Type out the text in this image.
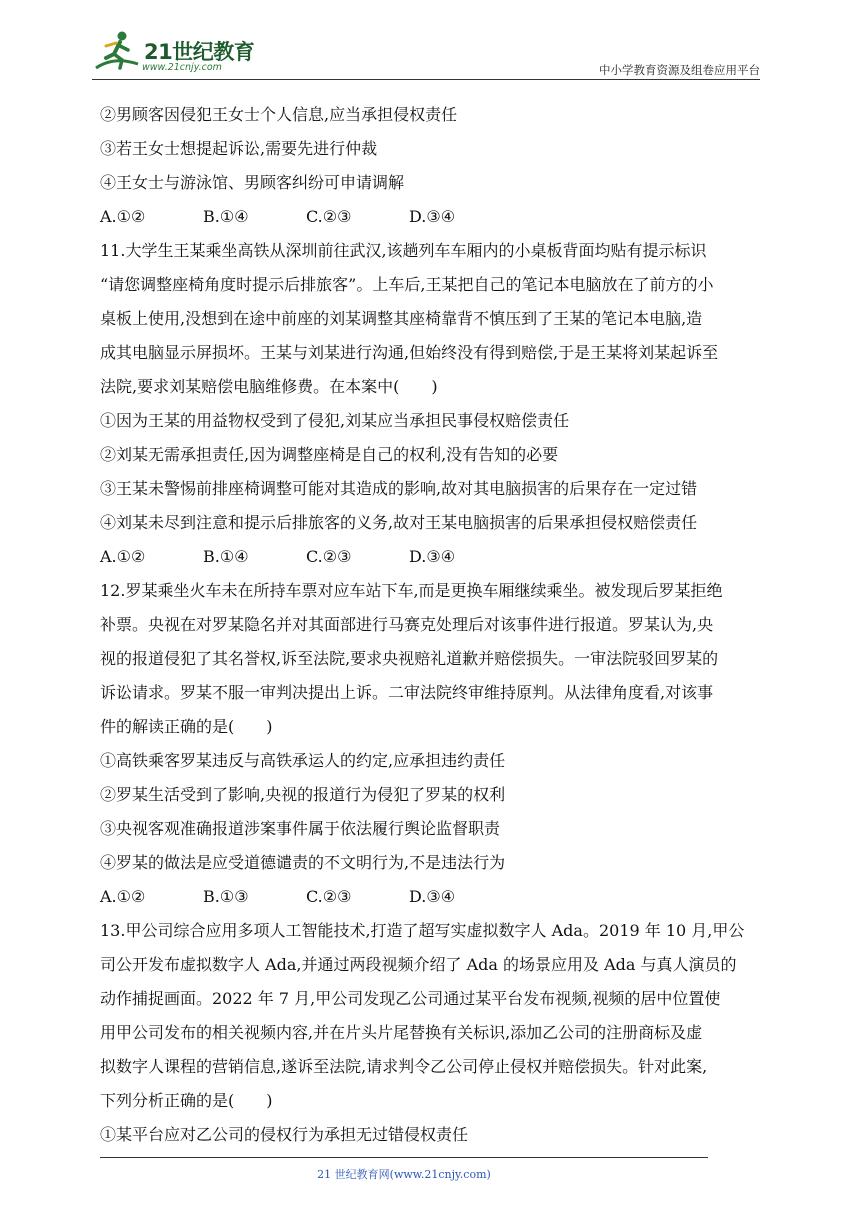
21世纪教育
www.21cnjy.com	中小学教育资源及组卷应用平台
②男顾客因侵犯王女士个人信息,应当承担侵权责任
③若王女士想提起诉讼,需要先进行仲裁
④王女士与游泳馆、男顾客纠纷可申请调解
A.①②	B.①④	C.②③	D.③④
11.大学生王某乘坐高铁从深圳前往武汉,该趟列车车厢内的小桌板背面均贴有提示标识
“请您调整座椅角度时提示后排旅客”。上车后,王某把自己的笔记本电脑放在了前方的小
桌板上使用,没想到在途中前座的刘某调整其座椅靠背不慎压到了王某的笔记本电脑,造
成其电脑显示屏损坏。王某与刘某进行沟通,但始终没有得到赔偿,于是王某将刘某起诉至
法院,要求刘某赔偿电脑维修费。在本案中(　　)
①因为王某的用益物权受到了侵犯,刘某应当承担民事侵权赔偿责任
②刘某无需承担责任,因为调整座椅是自己的权利,没有告知的必要
③王某未警惕前排座椅调整可能对其造成的影响,故对其电脑损害的后果存在一定过错
④刘某未尽到注意和提示后排旅客的义务,故对王某电脑损害的后果承担侵权赔偿责任
A.①②	B.①④	C.②③	D.③④
12.罗某乘坐火车未在所持车票对应车站下车,而是更换车厢继续乘坐。被发现后罗某拒绝
补票。央视在对罗某隐名并对其面部进行马赛克处理后对该事件进行报道。罗某认为,央
视的报道侵犯了其名誉权,诉至法院,要求央视赔礼道歉并赔偿损失。一审法院驳回罗某的
诉讼请求。罗某不服一审判决提出上诉。二审法院终审维持原判。从法律角度看,对该事
件的解读正确的是(　　)
①高铁乘客罗某违反与高铁承运人的约定,应承担违约责任
②罗某生活受到了影响,央视的报道行为侵犯了罗某的权利
③央视客观准确报道涉案事件属于依法履行舆论监督职责
④罗某的做法是应受道德谴责的不文明行为,不是违法行为
A.①②	B.①③	C.②③	D.③④
13.甲公司综合应用多项人工智能技术,打造了超写实虚拟数字人 Ada。2019 年 10 月,甲公
司公开发布虚拟数字人 Ada,并通过两段视频介绍了 Ada 的场景应用及 Ada 与真人演员的
动作捕捉画面。2022 年 7 月,甲公司发现乙公司通过某平台发布视频,视频的居中位置使
用甲公司发布的相关视频内容,并在片头片尾替换有关标识,添加乙公司的注册商标及虚
拟数字人课程的营销信息,遂诉至法院,请求判令乙公司停止侵权并赔偿损失。针对此案,
下列分析正确的是(　　)
①某平台应对乙公司的侵权行为承担无过错侵权责任
21 世纪教育网(www.21cnjy.com)
